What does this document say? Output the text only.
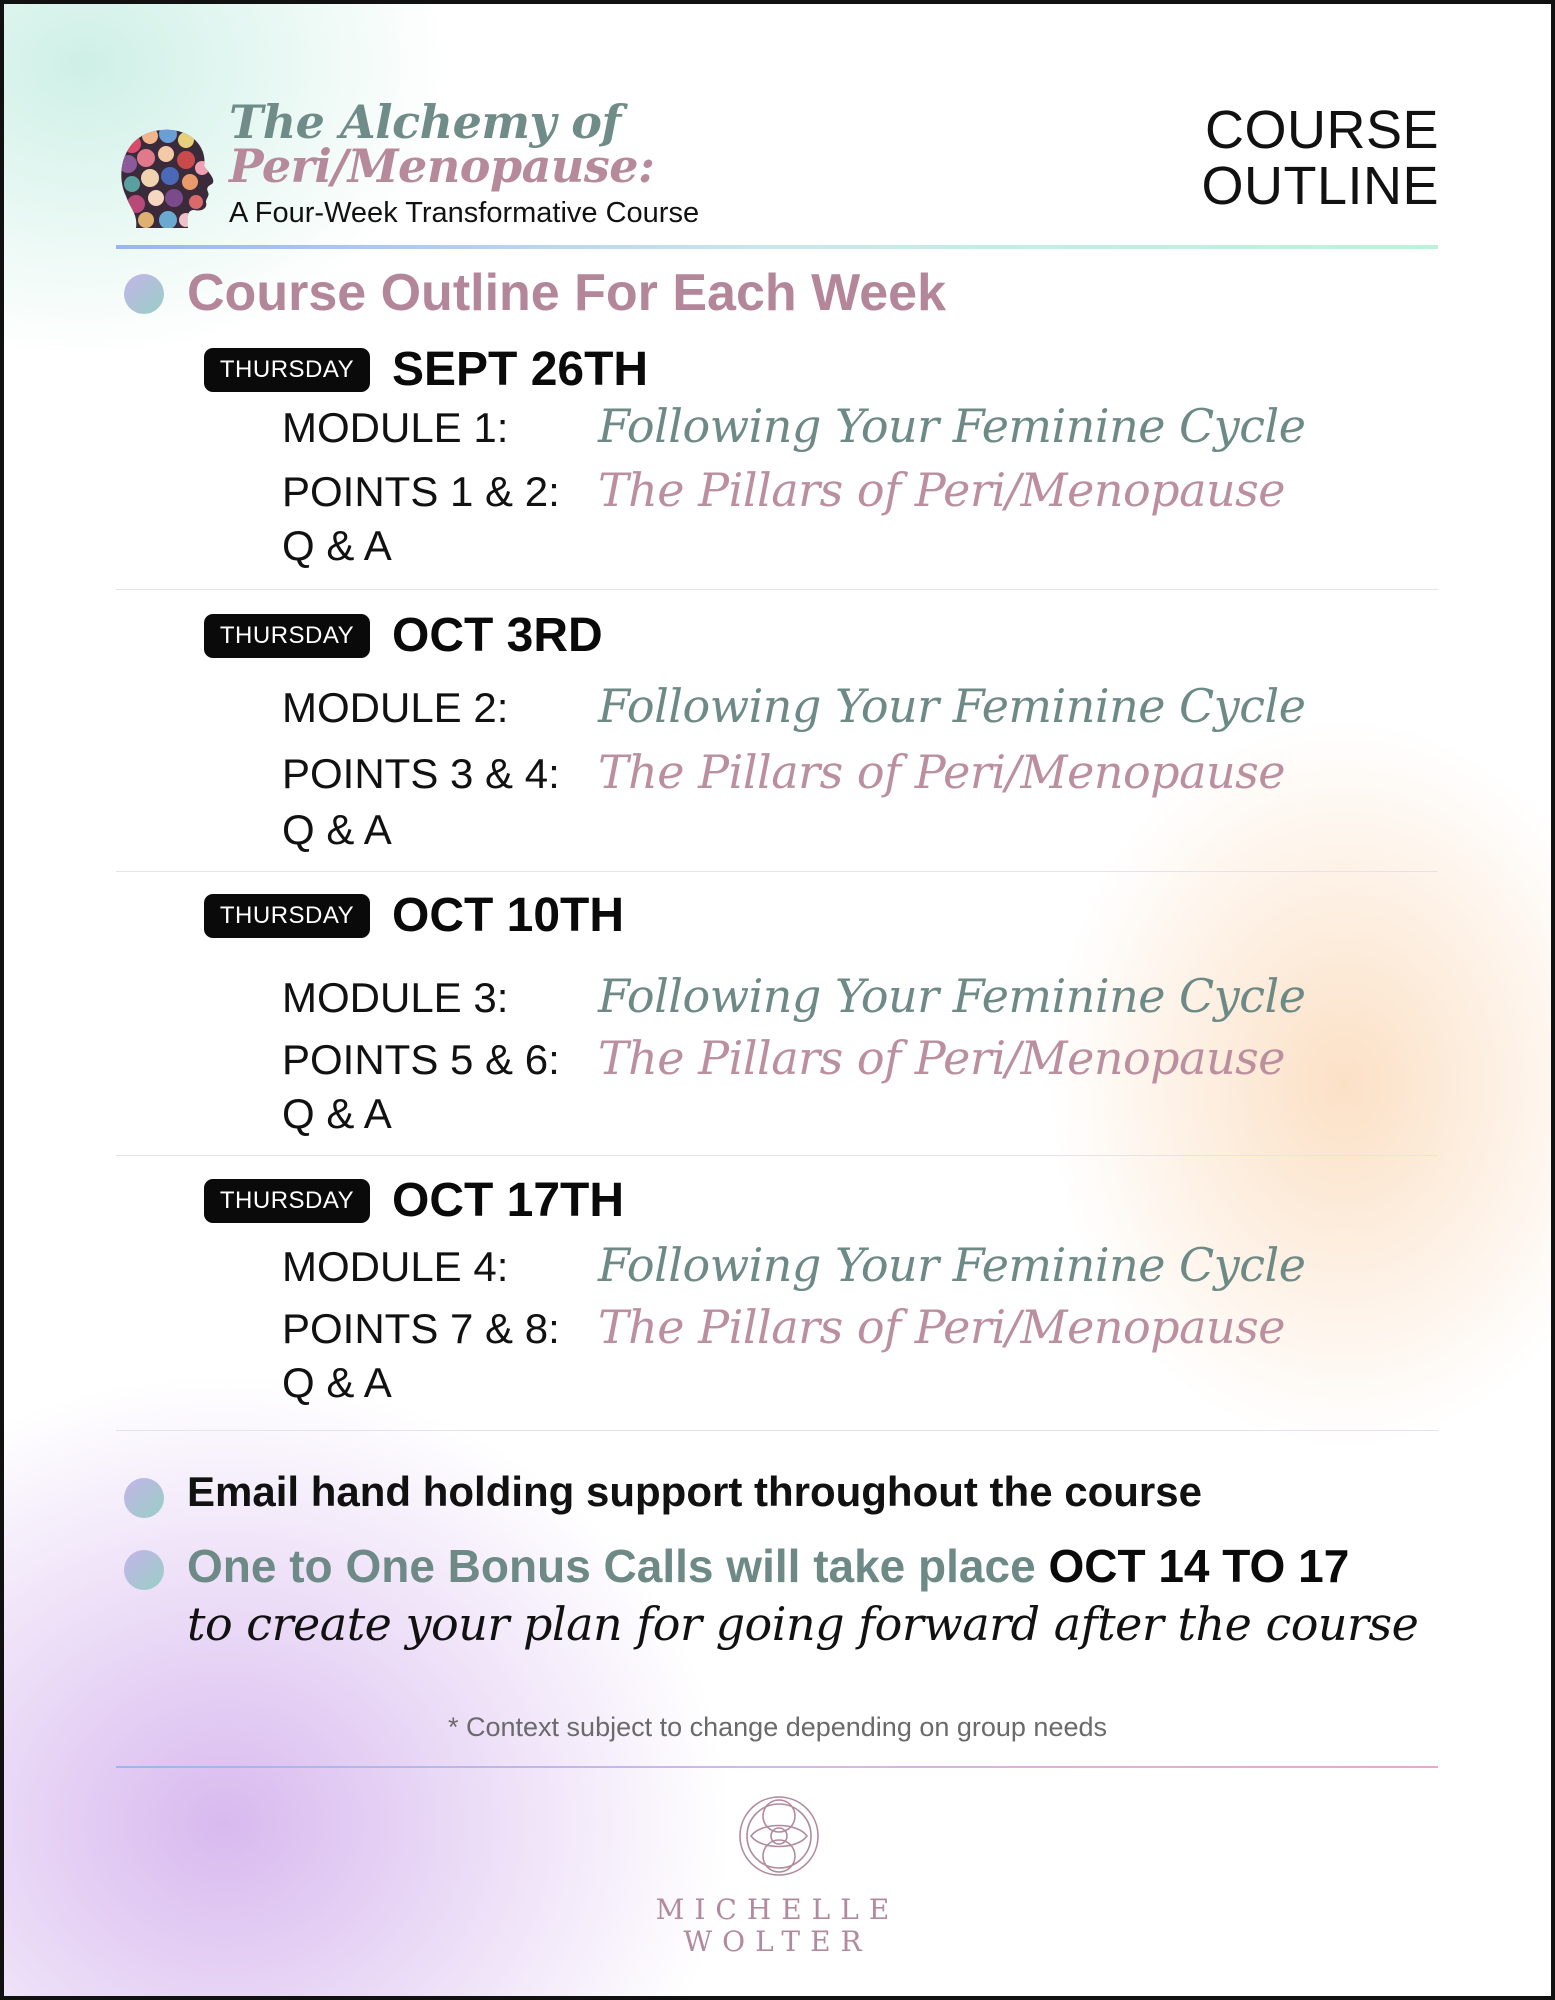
The Alchemy of
Peri/Menopause:
A Four-Week Transformative Course
COURSE
OUTLINE
Course Outline For Each Week
THURSDAY SEPT 26TH
MODULE 1: Following Your Feminine Cycle
POINTS 1 & 2: The Pillars of Peri/Menopause
Q & A
THURSDAY OCT 3RD
MODULE 2: Following Your Feminine Cycle
POINTS 3 & 4: The Pillars of Peri/Menopause
Q & A
THURSDAY OCT 10TH
MODULE 3: Following Your Feminine Cycle
POINTS 5 & 6: The Pillars of Peri/Menopause
Q & A
THURSDAY OCT 17TH
MODULE 4: Following Your Feminine Cycle
POINTS 7 & 8: The Pillars of Peri/Menopause
Q & A
Email hand holding support throughout the course
One to One Bonus Calls will take place OCT 14 TO 17
to create your plan for going forward after the course
* Context subject to change depending on group needs
MICHELLE
WOLTER
